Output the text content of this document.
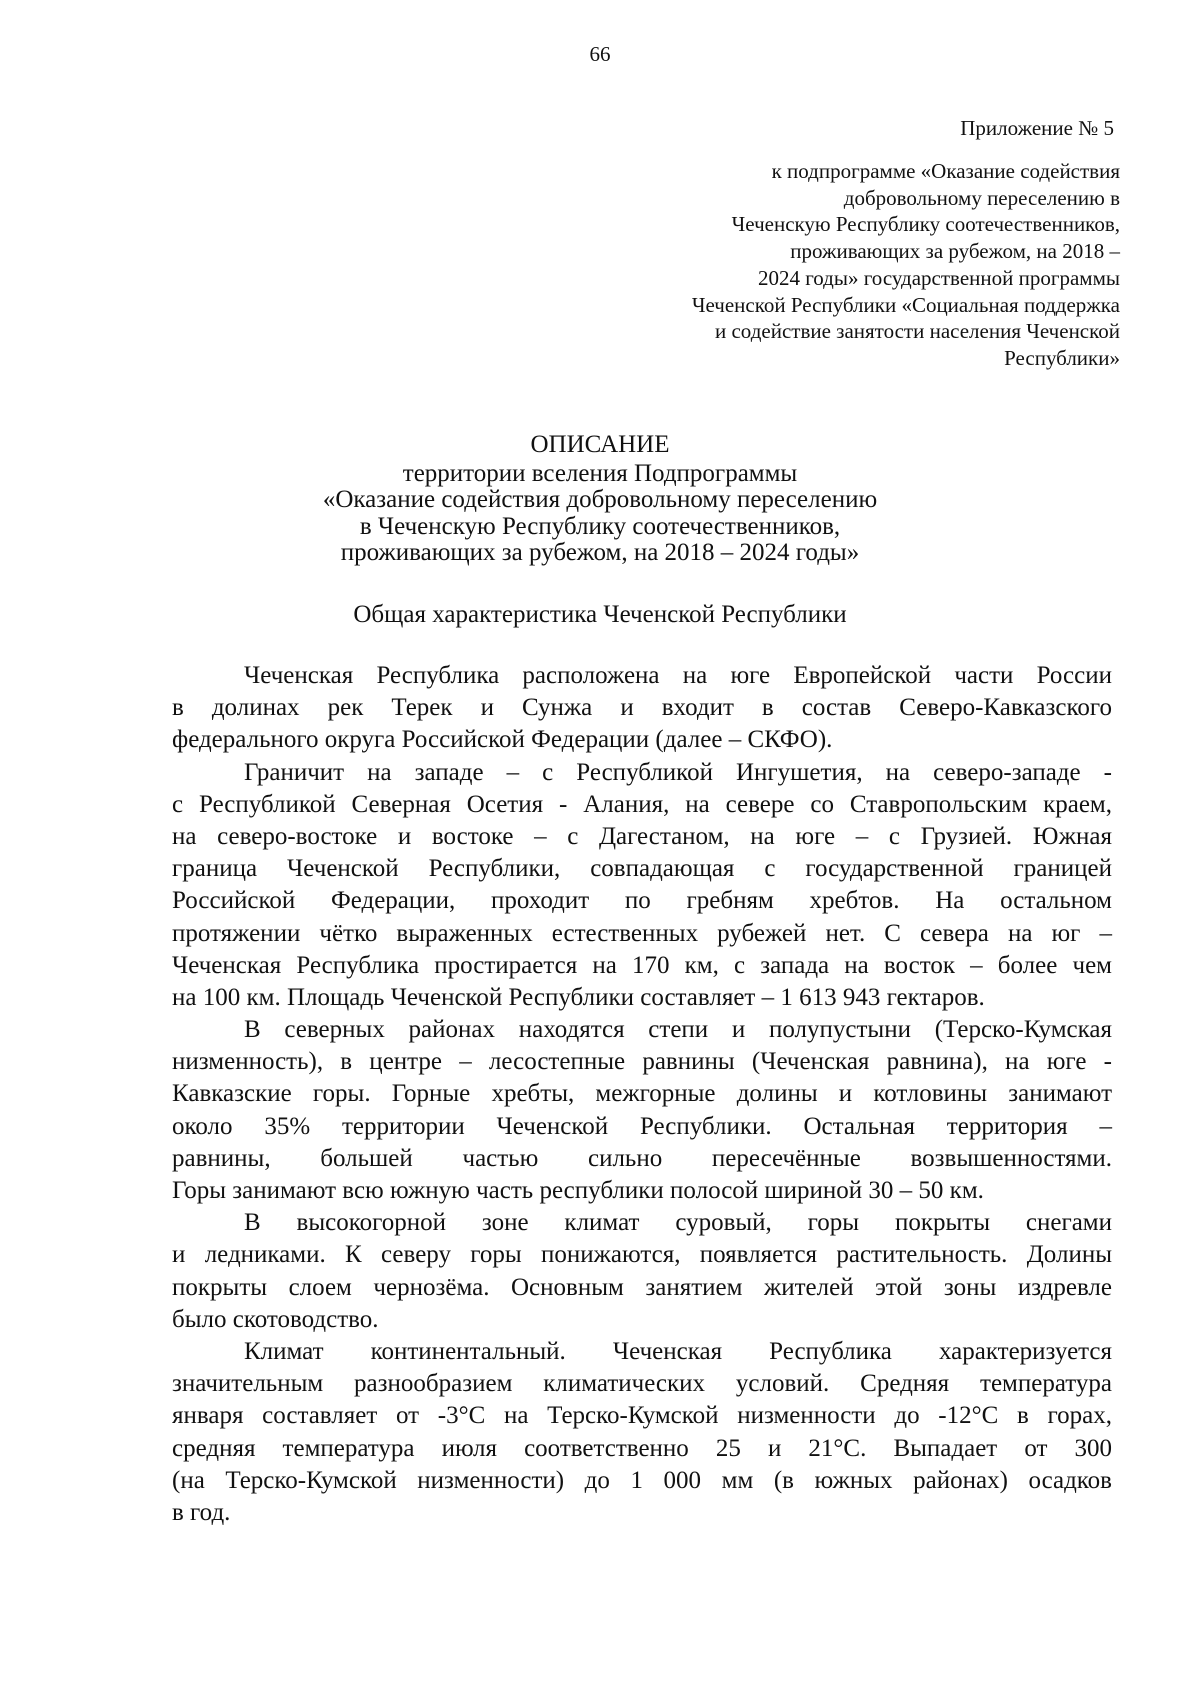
66
Приложение № 5
к подпрограмме «Оказание содействия
добровольному переселению в
Чеченскую Республику соотечественников,
проживающих за рубежом, на 2018 –
2024 годы» государственной программы
Чеченской Республики «Социальная поддержка
и содействие занятости населения Чеченской
Республики»
ОПИСАНИЕ
территории вселения Подпрограммы
«Оказание содействия добровольному переселению
в Чеченскую Республику соотечественников,
проживающих за рубежом, на 2018 – 2024 годы»
Общая характеристика Чеченской Республики
Чеченская Республика расположена на юге Европейской части России
в долинах рек Терек и Сунжа и входит в состав Северо-Кавказского
федерального округа Российской Федерации (далее – СКФО).
Граничит на западе – с Республикой Ингушетия, на северо-западе -
с Республикой Северная Осетия - Алания, на севере со Ставропольским краем,
на северо-востоке и востоке – с Дагестаном, на юге – с Грузией. Южная
граница Чеченской Республики, совпадающая с государственной границей
Российской Федерации, проходит по гребням хребтов. На остальном
протяжении чётко выраженных естественных рубежей нет. С севера на юг –
Чеченская Республика простирается на 170 км, с запада на восток – более чем
на 100 км. Площадь Чеченской Республики составляет – 1 613 943 гектаров.
В северных районах находятся степи и полупустыни (Терско-Кумская
низменность), в центре – лесостепные равнины (Чеченская равнина), на юге -
Кавказские горы. Горные хребты, межгорные долины и котловины занимают
около 35% территории Чеченской Республики. Остальная территория –
равнины, большей частью сильно пересечённые возвышенностями.
Горы занимают всю южную часть республики полосой шириной 30 – 50 км.
В высокогорной зоне климат суровый, горы покрыты снегами
и ледниками. К северу горы понижаются, появляется растительность. Долины
покрыты слоем чернозёма. Основным занятием жителей этой зоны издревле
было скотоводство.
Климат континентальный. Чеченская Республика характеризуется
значительным разнообразием климатических условий. Средняя температура
января составляет от -3°С на Терско-Кумской низменности до -12°С в горах,
средняя температура июля соответственно 25 и 21°С. Выпадает от 300
(на Терско-Кумской низменности) до 1 000 мм (в южных районах) осадков
в год.
